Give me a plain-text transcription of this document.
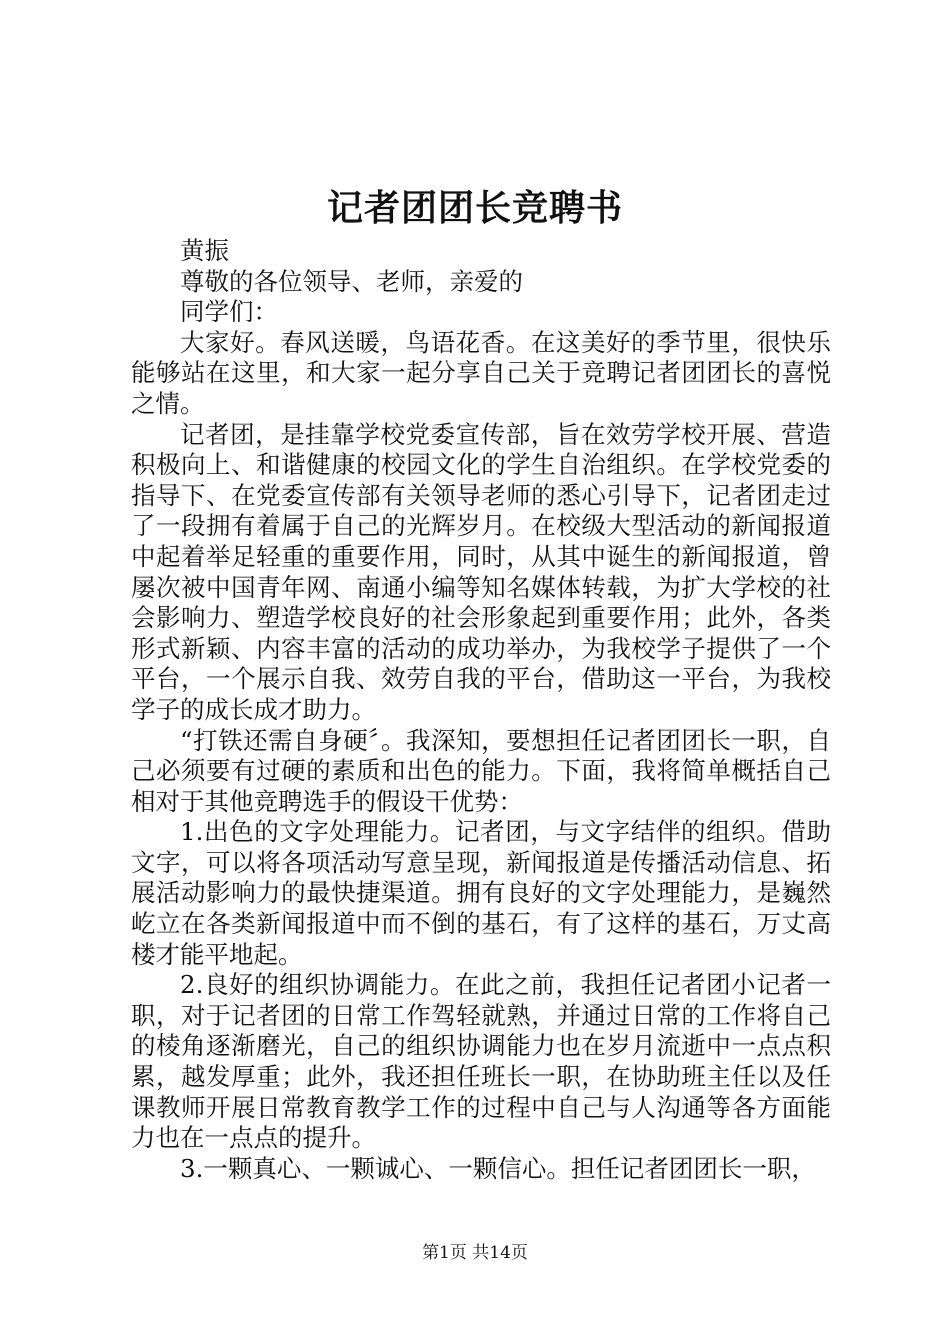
记者团团长竞聘书

黄振

尊敬的各位领导、老师，亲爱的

同学们：

大家好。春风送暖，鸟语花香。在这美好的季节里，很快乐能够站在这里，和大家一起分享自己关于竞聘记者团团长的喜悦之情。

记者团，是挂靠学校党委宣传部，旨在效劳学校开展、营造积极向上、和谐健康的校园文化的学生自治组织。在学校党委的指导下、在党委宣传部有关领导老师的悉心引导下，记者团走过了一段拥有着属于自己的光辉岁月。在校级大型活动的新闻报道中起着举足轻重的重要作用，同时，从其中诞生的新闻报道，曾屡次被中国青年网、南通小编等知名媒体转载，为扩大学校的社会影响力、塑造学校良好的社会形象起到重要作用；此外，各类形式新颖、内容丰富的活动的成功举办，为我校学子提供了一个平台，一个展示自我、效劳自我的平台，借助这一平台，为我校学子的成长成才助力。

“打铁还需自身硬〞。我深知，要想担任记者团团长一职，自己必须要有过硬的素质和出色的能力。下面，我将简单概括自己相对于其他竞聘选手的假设干优势：

1.出色的文字处理能力。记者团，与文字结伴的组织。借助文字，可以将各项活动写意呈现，新闻报道是传播活动信息、拓展活动影响力的最快捷渠道。拥有良好的文字处理能力，是巍然屹立在各类新闻报道中而不倒的基石，有了这样的基石，万丈高楼才能平地起。

2.良好的组织协调能力。在此之前，我担任记者团小记者一职，对于记者团的日常工作驾轻就熟，并通过日常的工作将自己的棱角逐渐磨光，自己的组织协调能力也在岁月流逝中一点点积累，越发厚重；此外，我还担任班长一职，在协助班主任以及任课教师开展日常教育教学工作的过程中自己与人沟通等各方面能力也在一点点的提升。

3.一颗真心、一颗诚心、一颗信心。担任记者团团长一职，

第1页 共14页
